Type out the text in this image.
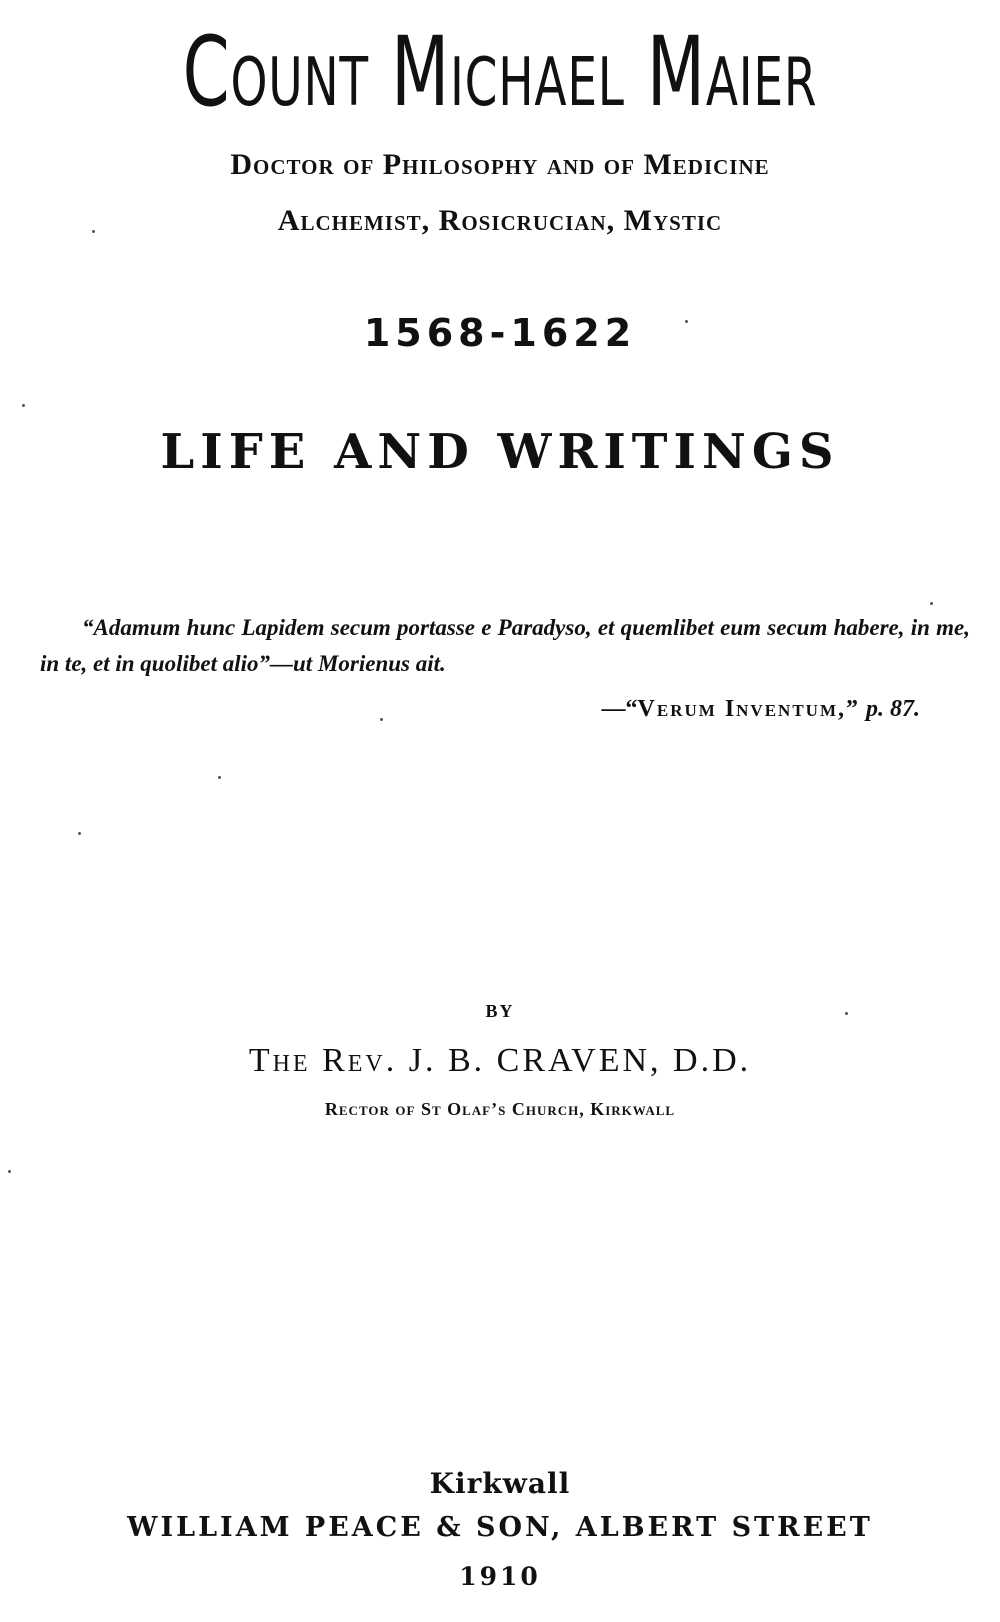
Count Michael Maier
Doctor of Philosophy and of Medicine
Alchemist, Rosicrucian, Mystic
1568-1622
LIFE AND WRITINGS
“Adamum hunc Lapidem secum portasse e Paradyso, et quemlibet eum secum habere, in me, in te, et in quolibet alio”—ut Morienus ait.
—“Verum Inventum,” p. 87.
BY
The Rev. J. B. CRAVEN, D.D.
Rector of St Olaf’s Church, Kirkwall
Kirkwall
WILLIAM PEACE & SON, ALBERT STREET
1910
